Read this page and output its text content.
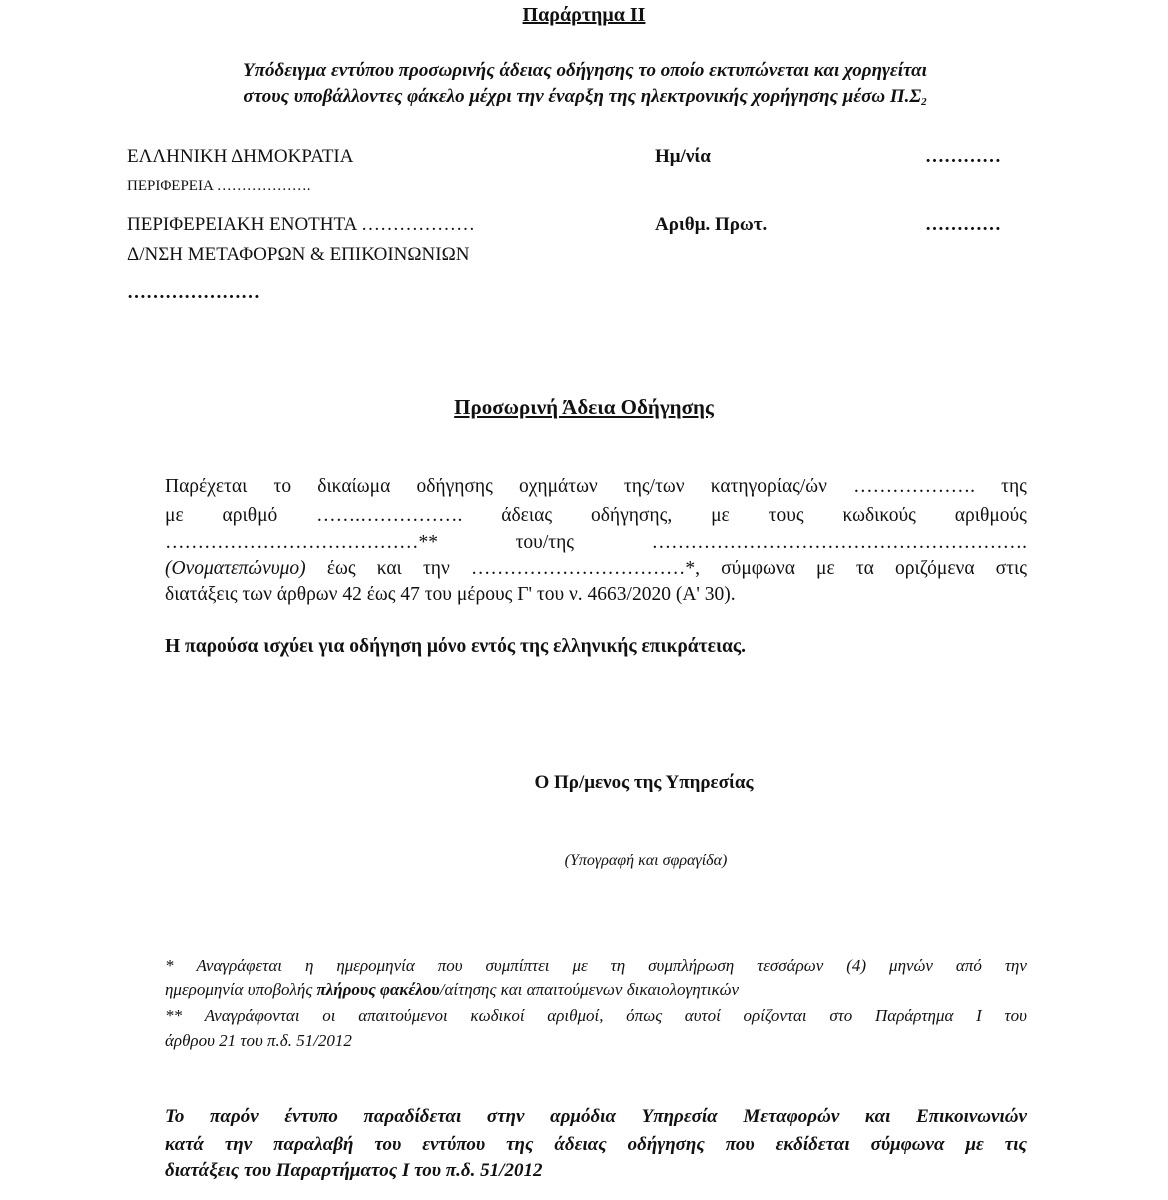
Παράρτημα ΙΙ
Υπόδειγμα εντύπου προσωρινής άδειας οδήγησης το οποίο εκτυπώνεται και χορηγείται
στους υποβάλλοντες φάκελο μέχρι την έναρξη της ηλεκτρονικής χορήγησης μέσω $\Pi.\Sigma_2$
ΕΛΛΗΝΙΚΗ ΔΗΜΟΚΡΑΤΙΑ
ΠΕΡΙΦΕΡΕΙΑ ……………….
ΠΕΡΙΦΕΡΕΙΑΚΗ ΕΝΟΤΗΤΑ ………………
Δ/ΝΣΗ ΜΕΤΑΦΟΡΩΝ & ΕΠΙΚΟΙΝΩΝΙΩΝ
…………………
Ημ/νία	…………
Αριθμ. Πρωτ.	…………
Προσωρινή Άδεια Οδήγησης
Παρέχεται το δικαίωμα οδήγησης οχημάτων της/των κατηγορίας/ών ………………. της
με αριθμό …….……………. άδειας οδήγησης, με τους κωδικούς αριθμούς
…………………………………**	του/της	………………………………………………….
(Ονοματεπώνυμο) έως και την ……………………………*, σύμφωνα με τα οριζόμενα στις
διατάξεις των άρθρων 42 έως 47 του μέρους Γ' του ν. 4663/2020 (Α' 30).
Η παρούσα ισχύει για οδήγηση μόνο εντός της ελληνικής επικράτειας.
Ο Πρ/μενος της Υπηρεσίας
(Υπογραφή και σφραγίδα)
* Αναγράφεται η ημερομηνία που συμπίπτει με τη συμπλήρωση τεσσάρων (4) μηνών από την
ημερομηνία υποβολής πλήρους φακέλου/αίτησης και απαιτούμενων δικαιολογητικών
** Αναγράφονται οι απαιτούμενοι κωδικοί αριθμοί, όπως αυτοί ορίζονται στο Παράρτημα Ι του
άρθρου 21 του π.δ. 51/2012
Το παρόν έντυπο παραδίδεται στην αρμόδια Υπηρεσία Μεταφορών και Επικοινωνιών
κατά την παραλαβή του εντύπου της άδειας οδήγησης που εκδίδεται σύμφωνα με τις
διατάξεις του Παραρτήματος Ι του π.δ. 51/2012
